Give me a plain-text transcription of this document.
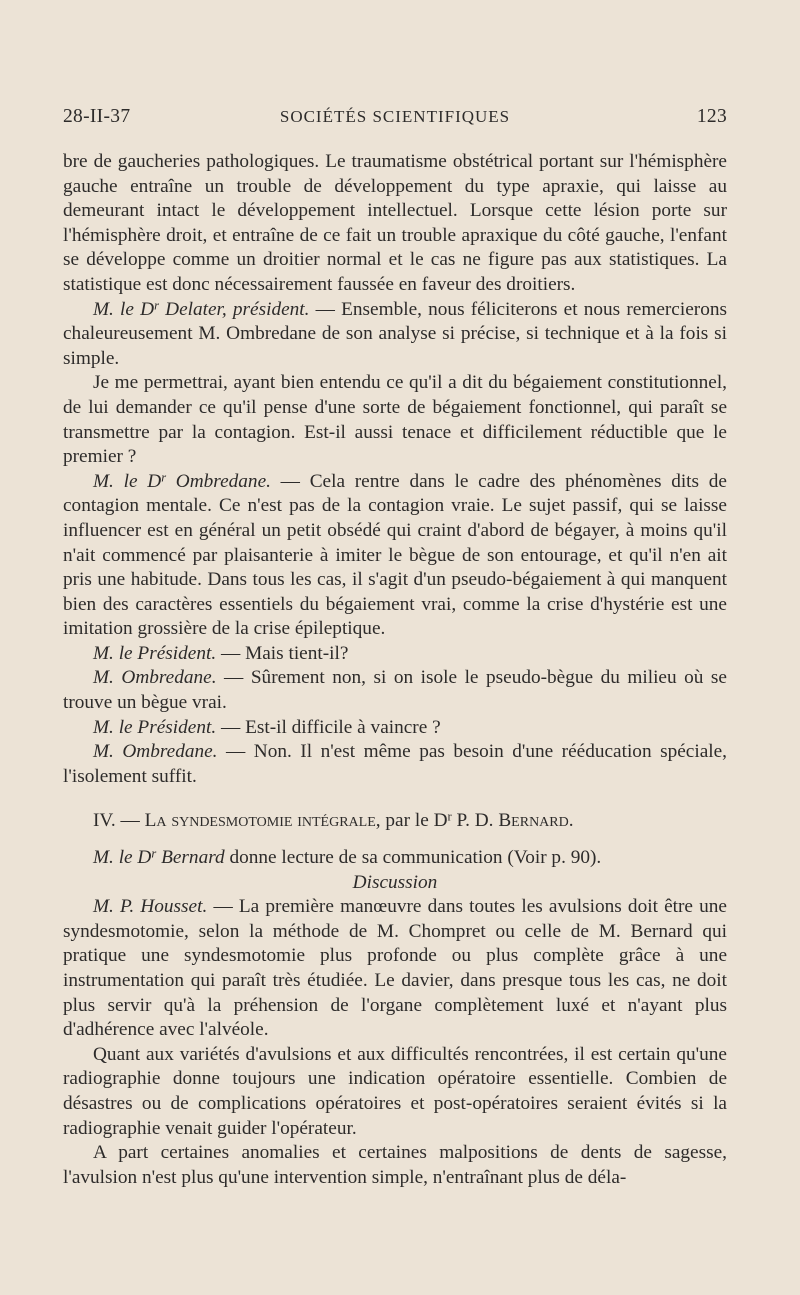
28-II-37	SOCIÉTÉS SCIENTIFIQUES	123

bre de gaucheries pathologiques. Le traumatisme obstétrical portant sur l'hémisphère gauche entraîne un trouble de développement du type apraxie, qui laisse au demeurant intact le développement intellectuel. Lorsque cette lésion porte sur l'hémisphère droit, et entraîne de ce fait un trouble apraxique du côté gauche, l'enfant se développe comme un droitier normal et le cas ne figure pas aux statistiques. La statistique est donc nécessairement faussée en faveur des droitiers.

M. le $D^r$ Delater, président. — Ensemble, nous féliciterons et nous remercierons chaleureusement M. Ombredane de son analyse si précise, si technique et à la fois si simple.

Je me permettrai, ayant bien entendu ce qu'il a dit du bégaiement constitutionnel, de lui demander ce qu'il pense d'une sorte de bégaiement fonctionnel, qui paraît se transmettre par la contagion. Est-il aussi tenace et difficilement réductible que le premier ?

M. le $D^r$ Ombredane. — Cela rentre dans le cadre des phénomènes dits de contagion mentale. Ce n'est pas de la contagion vraie. Le sujet passif, qui se laisse influencer est en général un petit obsédé qui craint d'abord de bégayer, à moins qu'il n'ait commencé par plaisanterie à imiter le bègue de son entourage, et qu'il n'en ait pris une habitude. Dans tous les cas, il s'agit d'un pseudo-bégaiement à qui manquent bien des caractères essentiels du bégaiement vrai, comme la crise d'hystérie est une imitation grossière de la crise épileptique.

M. le Président. — Mais tient-il?

M. Ombredane. — Sûrement non, si on isole le pseudo-bègue du milieu où se trouve un bègue vrai.

M. le Président. — Est-il difficile à vaincre ?

M. Ombredane. — Non. Il n'est même pas besoin d'une rééducation spéciale, l'isolement suffit.

IV. — La syndesmotomie intégrale, par le $D^r$ P. D. Bernard.

M. le $D^r$ Bernard donne lecture de sa communication (Voir p. 90).

Discussion

M. P. Housset. — La première manœuvre dans toutes les avulsions doit être une syndesmotomie, selon la méthode de M. Chompret ou celle de M. Bernard qui pratique une syndesmotomie plus profonde ou plus complète grâce à une instrumentation qui paraît très étudiée. Le davier, dans presque tous les cas, ne doit plus servir qu'à la préhension de l'organe complètement luxé et n'ayant plus d'adhérence avec l'alvéole.

Quant aux variétés d'avulsions et aux difficultés rencontrées, il est certain qu'une radiographie donne toujours une indication opératoire essentielle. Combien de désastres ou de complications opératoires et post-opératoires seraient évités si la radiographie venait guider l'opérateur.

A part certaines anomalies et certaines malpositions de dents de sagesse, l'avulsion n'est plus qu'une intervention simple, n'entraînant plus de déla-
